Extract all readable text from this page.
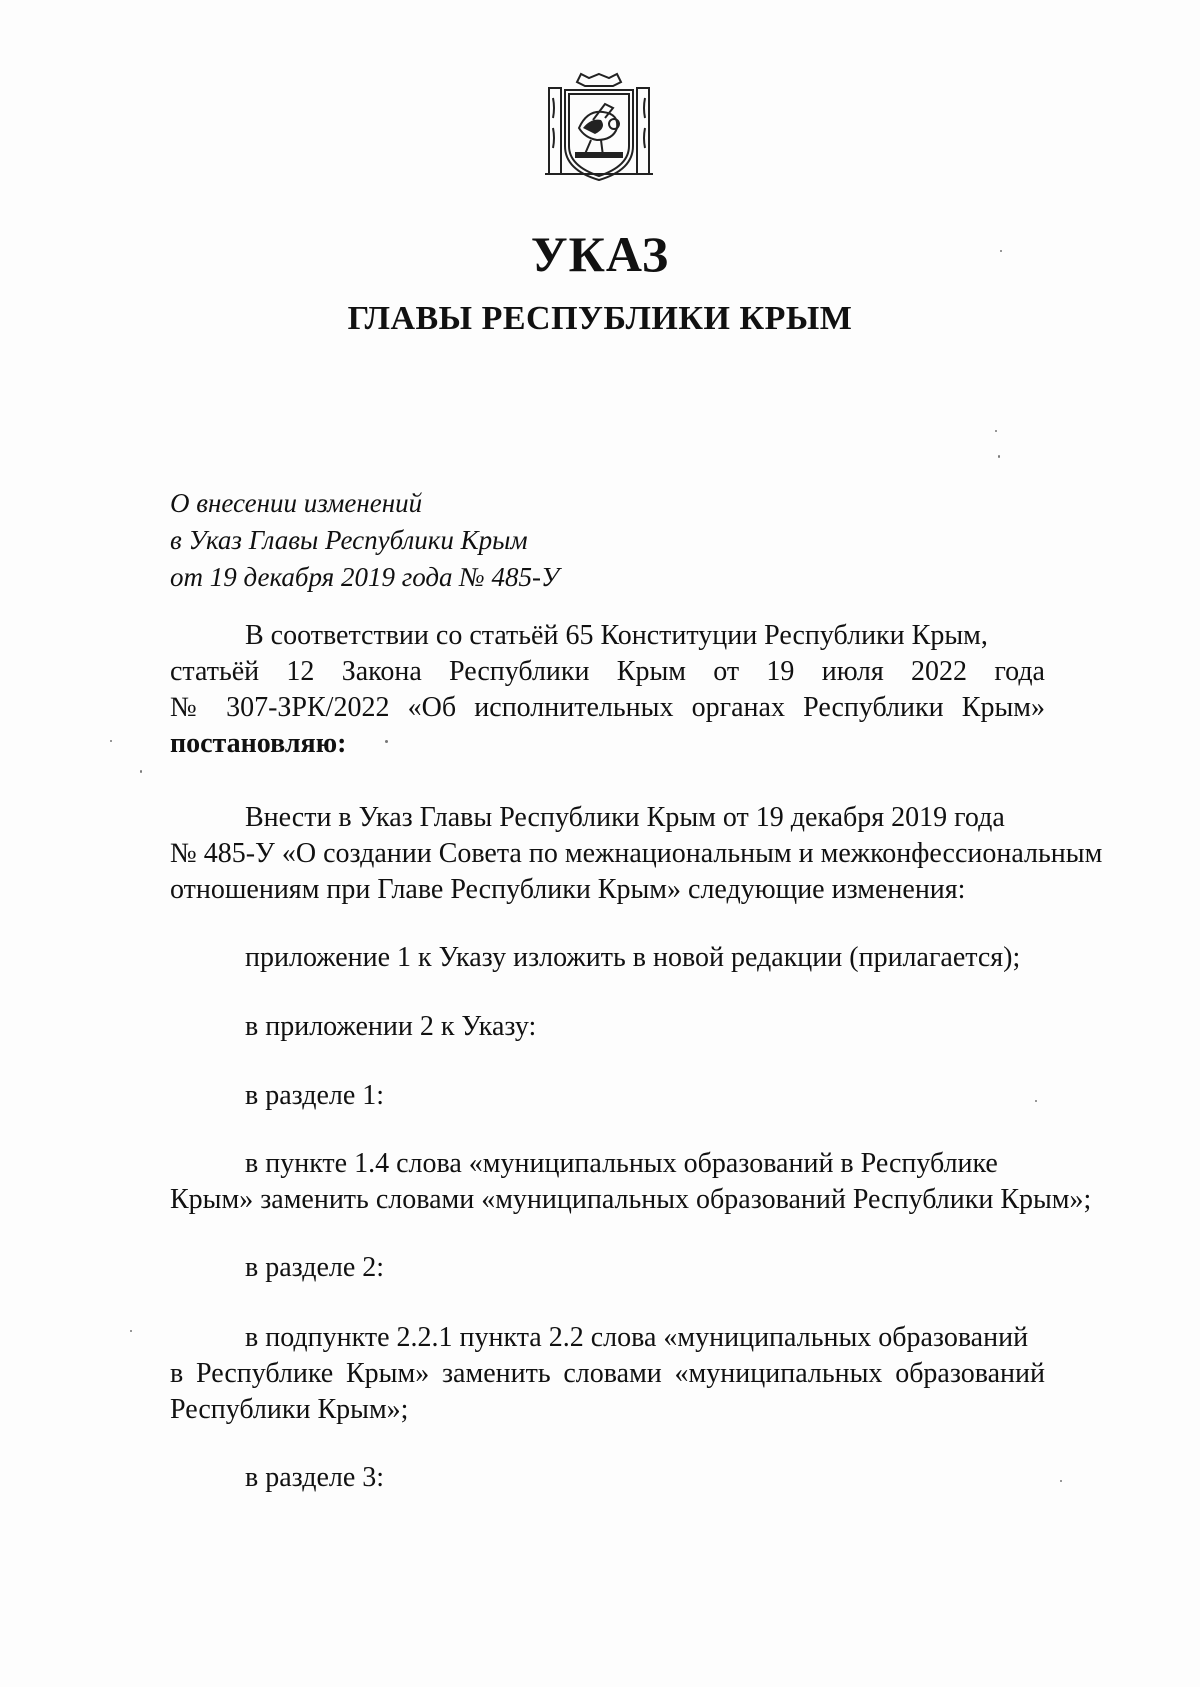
УКАЗ
ГЛАВЫ РЕСПУБЛИКИ КРЫМ
О внесении изменений
в Указ Главы Республики Крым
от 19 декабря 2019 года № 485-У
В соответствии со статьёй 65 Конституции Республики Крым,
статьёй 12 Закона Республики Крым от 19 июля 2022 года
№ 307-ЗРК/2022 «Об исполнительных органах Республики Крым»
постановляю:
Внести в Указ Главы Республики Крым от 19 декабря 2019 года
№ 485-У «О создании Совета по межнациональным и межконфессиональным
отношениям при Главе Республики Крым» следующие изменения:
приложение 1 к Указу изложить в новой редакции (прилагается);
в приложении 2 к Указу:
в разделе 1:
в пункте 1.4 слова «муниципальных образований в Республике
Крым» заменить словами «муниципальных образований Республики Крым»;
в разделе 2:
в подпункте 2.2.1 пункта 2.2 слова «муниципальных образований
в Республике Крым» заменить словами «муниципальных образований
Республики Крым»;
в разделе 3:
